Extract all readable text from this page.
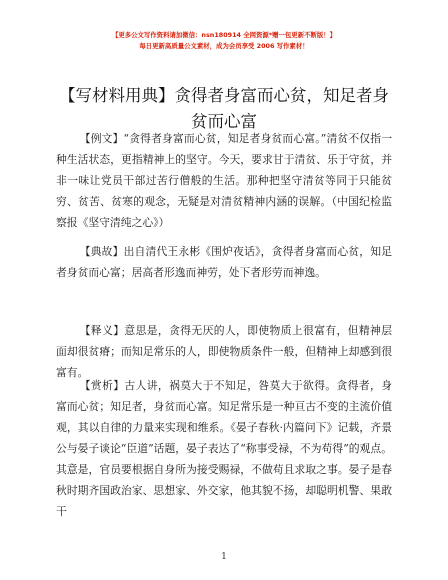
【更多公文写作资料请加微信：nsn180914 全网资源*赠一包更新不断版！】
每日更新高质量公文素材，成为会员享受 2006 写作素材！
【写材料用典】贪得者身富而心贫，知足者身贫而心富

【例文】“贪得者身富而心贫，知足者身贫而心富。”清贫不仅指一种生活状态，更指精神上的坚守。今天，要求甘于清贫、乐于守贫，并非一味让党员干部过苦行僧般的生活。那种把坚守清贫等同于只能贫穷、贫苦、贫寒的观念，无疑是对清贫精神内涵的误解。（中国纪检监察报《坚守清纯之心》）

【典故】出自清代王永彬《围炉夜话》，贪得者身富而心贫，知足者身贫而心富；居高者形逸而神劳，处下者形劳而神逸。

【释义】意思是，贪得无厌的人，即使物质上很富有，但精神层面却很贫瘠；而知足常乐的人，即使物质条件一般，但精神上却感到很富有。

【赏析】古人讲，祸莫大于不知足，咎莫大于欲得。贪得者，身富而心贫；知足者，身贫而心富。知足常乐是一种亘古不变的主流价值观，其以自律的力量来实现和维系。《晏子春秋·内篇问下》记载，齐景公与晏子谈论“臣道”话题，晏子表达了“称事受禄，不为苟得”的观点。其意是，官员要根据自身所为接受赐禄，不做苟且求取之事。晏子是春秋时期齐国政治家、思想家、外交家，他其貌不扬，却聪明机警、果敢干

1
